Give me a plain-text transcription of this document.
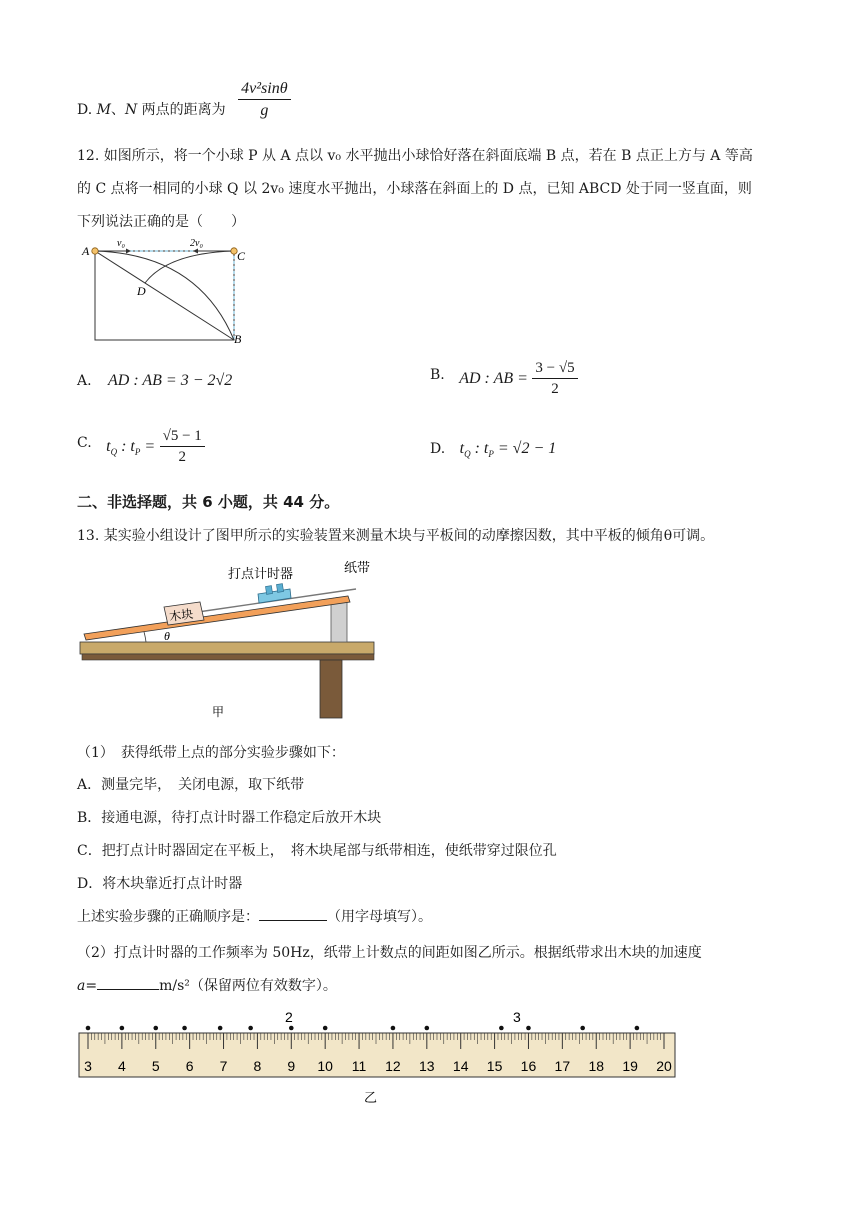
D. M、N 两点的距离为 $\frac{\text{4v²sinθ}}{g}$
12. 如图所示，将一个小球 P 从 A 点以 v₀ 水平抛出小球恰好落在斜面底端 B 点，若在 B 点正上方与 A 等高
的 C 点将一相同的小球 Q 以 2v₀ 速度水平抛出，小球落在斜面上的 D 点，已知 ABCD 处于同一竖直面，则
下列说法正确的是（　　）
A
v₀	2v₀
C
D
B
A. AD : AB = 3 − 2√2	B. AD : AB = $\frac{3 - √5}{2}$
C. $t_Q$ : $t_P = \frac{√5 - 1}{2}$	D. $t_Q$ : $t_P = √2 - 1$
二、非选择题，共 6 小题，共 44 分。
13. 某实验小组设计了图甲所示的实验装置来测量木块与平板间的动摩擦因数，其中平板的倾角θ可调。
木块
θ
打点计时器	纸带
甲
（1）　获得纸带上点的部分实验步骤如下：
A．测量完毕，　关闭电源，取下纸带
B．接通电源，待打点计时器工作稳定后放开木块
C．把打点计时器固定在平板上，　将木块尾部与纸带相连，使纸带穿过限位孔
D．将木块靠近打点计时器
上述实验步骤的正确顺序是：	（用字母填写）。
（2）打点计时器的工作频率为 50Hz，纸带上计数点的间距如图乙所示。根据纸带求出木块的加速度
a=	m/s²（保留两位有效数字）。
2	3
3 4 5 6 7 8 9 10 11 12 13 14 15 16 17 18 19 20
乙
